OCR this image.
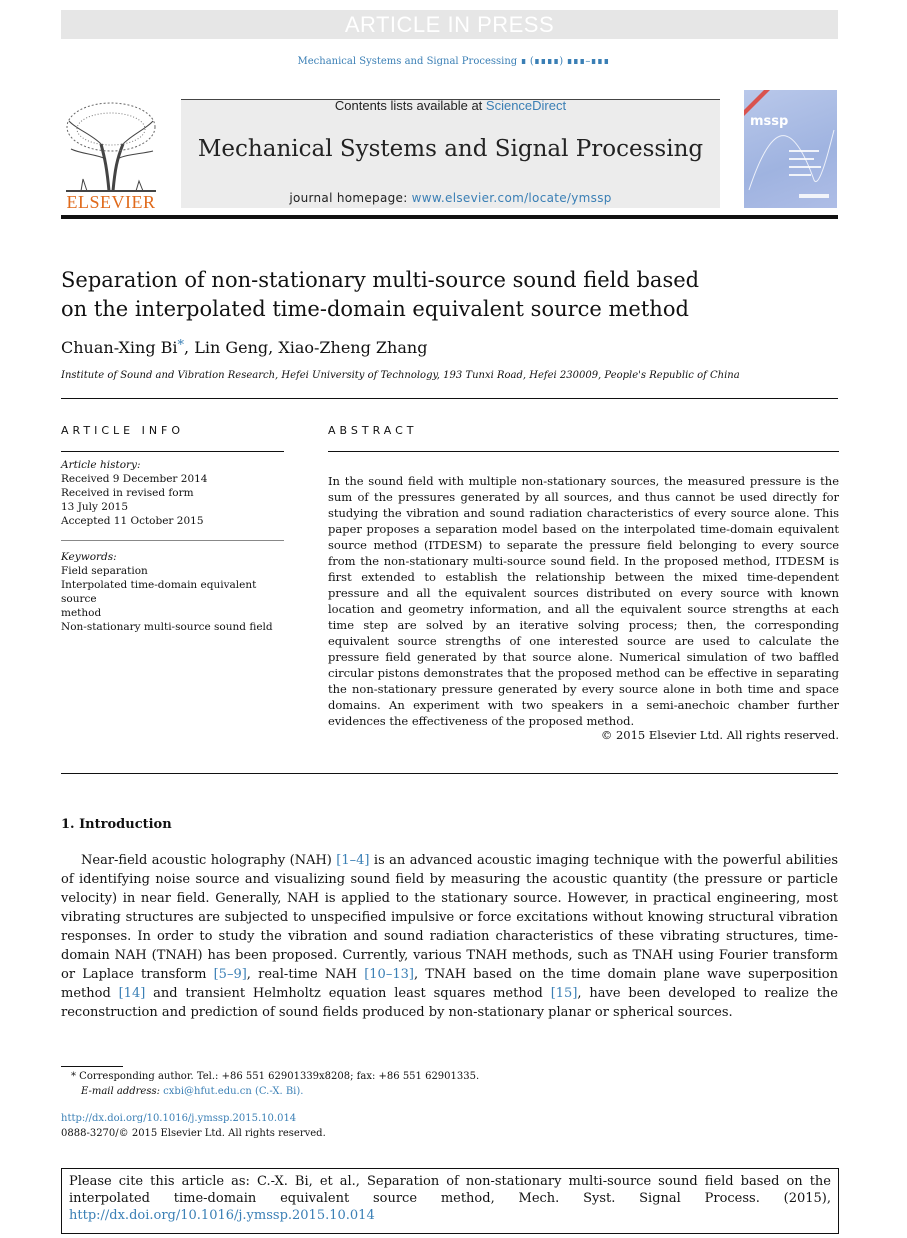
ARTICLE IN PRESS
Mechanical Systems and Signal Processing ∎ (∎∎∎∎) ∎∎∎–∎∎∎
ELSEVIER
Contents lists available at ScienceDirect
Mechanical Systems and Signal Processing
journal homepage: www.elsevier.com/locate/ymssp
mssp
Separation of non-stationary multi-source sound field based
on the interpolated time-domain equivalent source method
Chuan-Xing Bi*, Lin Geng, Xiao-Zheng Zhang
Institute of Sound and Vibration Research, Hefei University of Technology, 193 Tunxi Road, Hefei 230009, People's Republic of China
ARTICLE INFO
Article history:
Received 9 December 2014
Received in revised form
13 July 2015
Accepted 11 October 2015
Keywords:
Field separation
Interpolated time-domain equivalent source
method
Non-stationary multi-source sound field
ABSTRACT
In the sound field with multiple non-stationary sources, the measured pressure is the sum of the pressures generated by all sources, and thus cannot be used directly for studying the vibration and sound radiation characteristics of every source alone. This paper proposes a separation model based on the interpolated time-domain equivalent source method (ITDESM) to separate the pressure field belonging to every source from the non-stationary multi-source sound field. In the proposed method, ITDESM is first extended to establish the relationship between the mixed time-dependent pressure and all the equivalent sources distributed on every source with known location and geometry information, and all the equivalent source strengths at each time step are solved by an iterative solving process; then, the corresponding equivalent source strengths of one interested source are used to calculate the pressure field generated by that source alone. Numerical simulation of two baffled circular pistons demonstrates that the proposed method can be effective in separating the non-stationary pressure generated by every source alone in both time and space domains. An experiment with two speakers in a semi-anechoic chamber further evidences the effectiveness of the proposed method.
© 2015 Elsevier Ltd. All rights reserved.
1. Introduction
Near-field acoustic holography (NAH) [1–4] is an advanced acoustic imaging technique with the powerful abilities of identifying noise source and visualizing sound field by measuring the acoustic quantity (the pressure or particle velocity) in near field. Generally, NAH is applied to the stationary source. However, in practical engineering, most vibrating structures are subjected to unspecified impulsive or force excitations without knowing structural vibration responses. In order to study the vibration and sound radiation characteristics of these vibrating structures, time-domain NAH (TNAH) has been proposed. Currently, various TNAH methods, such as TNAH using Fourier transform or Laplace transform [5–9], real-time NAH [10–13], TNAH based on the time domain plane wave superposition method [14] and transient Helmholtz equation least squares method [15], have been developed to realize the reconstruction and prediction of sound fields produced by non-stationary planar or spherical sources.
* Corresponding author. Tel.: +86 551 62901339x8208; fax: +86 551 62901335.
E-mail address: cxbi@hfut.edu.cn (C.-X. Bi).
http://dx.doi.org/10.1016/j.ymssp.2015.10.014
0888-3270/© 2015 Elsevier Ltd. All rights reserved.
Please cite this article as: C.-X. Bi, et al., Separation of non-stationary multi-source sound field based on the interpolated time-domain equivalent source method, Mech. Syst. Signal Process. (2015), http://dx.doi.org/10.1016/j.ymssp.2015.10.014
